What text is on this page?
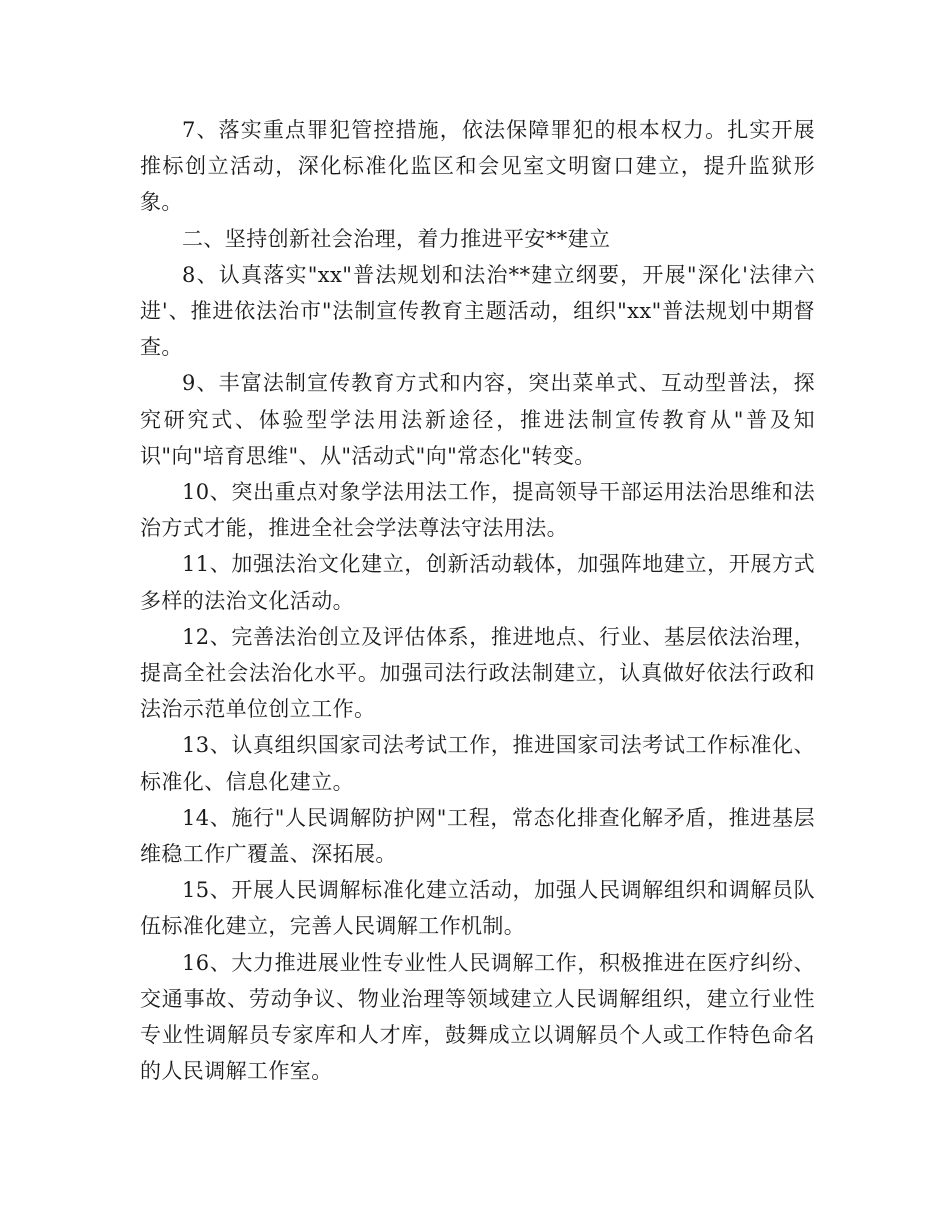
7、落实重点罪犯管控措施，依法保障罪犯的根本权力。扎实开展推标创立活动，深化标准化监区和会见室文明窗口建立，提升监狱形象。

二、坚持创新社会治理，着力推进平安**建立

8、认真落实"xx"普法规划和法治**建立纲要，开展"深化'法律六进'、推进依法治市"法制宣传教育主题活动，组织"xx"普法规划中期督查。

9、丰富法制宣传教育方式和内容，突出菜单式、互动型普法，探究研究式、体验型学法用法新途径，推进法制宣传教育从"普及知识"向"培育思维"、从"活动式"向"常态化"转变。

10、突出重点对象学法用法工作，提高领导干部运用法治思维和法治方式才能，推进全社会学法尊法守法用法。

11、加强法治文化建立，创新活动载体，加强阵地建立，开展方式多样的法治文化活动。

12、完善法治创立及评估体系，推进地点、行业、基层依法治理，提高全社会法治化水平。加强司法行政法制建立，认真做好依法行政和法治示范单位创立工作。

13、认真组织国家司法考试工作，推进国家司法考试工作标准化、标准化、信息化建立。

14、施行"人民调解防护网"工程，常态化排查化解矛盾，推进基层维稳工作广覆盖、深拓展。

15、开展人民调解标准化建立活动，加强人民调解组织和调解员队伍标准化建立，完善人民调解工作机制。

16、大力推进展业性专业性人民调解工作，积极推进在医疗纠纷、交通事故、劳动争议、物业治理等领域建立人民调解组织，建立行业性专业性调解员专家库和人才库，鼓舞成立以调解员个人或工作特色命名的人民调解工作室。
